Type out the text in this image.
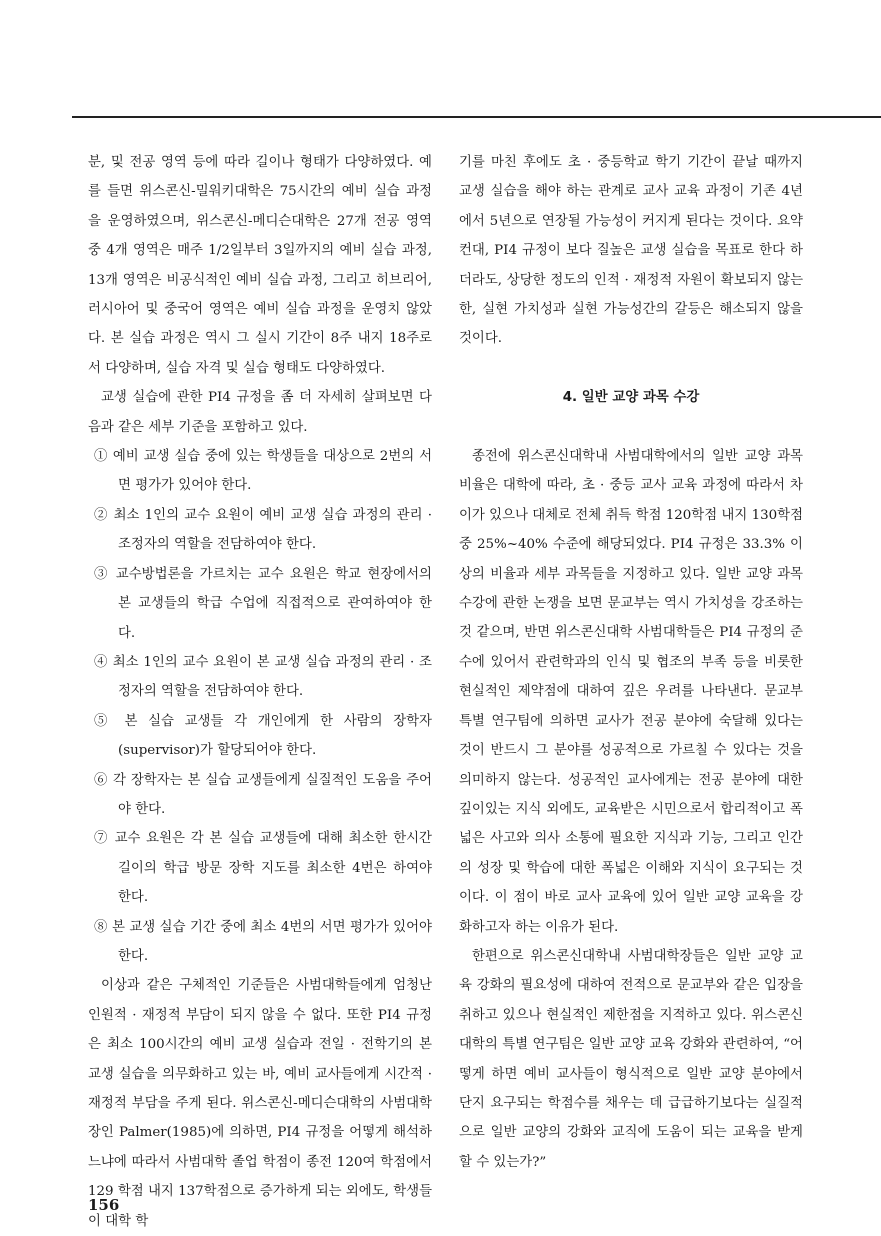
분, 및 전공 영역 등에 따라 길이나 형태가 다양하였다. 예를 들면 위스콘신-밀워키대학은 75시간의 예비 실습 과정을 운영하였으며, 위스콘신-메디슨대학은 27개 전공 영역 중 4개 영역은 매주 1/2일부터 3일까지의 예비 실습 과정, 13개 영역은 비공식적인 예비 실습 과정, 그리고 히브리어, 러시아어 및 중국어 영역은 예비 실습 과정을 운영치 않았다. 본 실습 과정은 역시 그 실시 기간이 8주 내지 18주로서 다양하며, 실습 자격 및 실습 형태도 다양하였다.

교생 실습에 관한 PI4 규정을 좀 더 자세히 살펴보면 다음과 같은 세부 기준을 포함하고 있다.

① 예비 교생 실습 중에 있는 학생들을 대상으로 2번의 서면 평가가 있어야 한다.

② 최소 1인의 교수 요원이 예비 교생 실습 과정의 관리 · 조정자의 역할을 전담하여야 한다.

③ 교수방법론을 가르치는 교수 요원은 학교 현장에서의 본 교생들의 학급 수업에 직접적으로 관여하여야 한다.

④ 최소 1인의 교수 요원이 본 교생 실습 과정의 관리 · 조정자의 역할을 전담하여야 한다.

⑤ 본 실습 교생들 각 개인에게 한 사람의 장학자(supervisor)가 할당되어야 한다.

⑥ 각 장학자는 본 실습 교생들에게 실질적인 도움을 주어야 한다.

⑦ 교수 요원은 각 본 실습 교생들에 대해 최소한 한시간 길이의 학급 방문 장학 지도를 최소한 4번은 하여야 한다.

⑧ 본 교생 실습 기간 중에 최소 4번의 서면 평가가 있어야 한다.

이상과 같은 구체적인 기준들은 사범대학들에게 엄청난 인원적 · 재정적 부담이 되지 않을 수 없다. 또한 PI4 규정은 최소 100시간의 예비 교생 실습과 전일 · 전학기의 본 교생 실습을 의무화하고 있는 바, 예비 교사들에게 시간적 · 재정적 부담을 주게 된다. 위스콘신-메디슨대학의 사범대학장인 Palmer(1985)에 의하면, PI4 규정을 어떻게 해석하느냐에 따라서 사범대학 졸업 학점이 종전 120여 학점에서 129 학점 내지 137학점으로 증가하게 되는 외에도, 학생들이 대학 학

기를 마친 후에도 초 · 중등학교 학기 기간이 끝날 때까지 교생 실습을 해야 하는 관계로 교사 교육 과정이 기존 4년에서 5년으로 연장될 가능성이 커지게 된다는 것이다. 요약컨대, PI4 규정이 보다 질높은 교생 실습을 목표로 한다 하더라도, 상당한 정도의 인적 · 재정적 자원이 확보되지 않는한, 실현 가치성과 실현 가능성간의 갈등은 해소되지 않을 것이다.

4. 일반 교양 과목 수강

종전에 위스콘신대학내 사범대학에서의 일반 교양 과목 비율은 대학에 따라, 초 · 중등 교사 교육 과정에 따라서 차이가 있으나 대체로 전체 취득 학점 120학점 내지 130학점 중 25%~40% 수준에 해당되었다. PI4 규정은 33.3% 이상의 비율과 세부 과목들을 지정하고 있다. 일반 교양 과목 수강에 관한 논쟁을 보면 문교부는 역시 가치성을 강조하는 것 같으며, 반면 위스콘신대학 사범대학들은 PI4 규정의 준수에 있어서 관련학과의 인식 및 협조의 부족 등을 비롯한 현실적인 제약점에 대하여 깊은 우려를 나타낸다. 문교부 특별 연구팀에 의하면 교사가 전공 분야에 숙달해 있다는 것이 반드시 그 분야를 성공적으로 가르칠 수 있다는 것을 의미하지 않는다. 성공적인 교사에게는 전공 분야에 대한 깊이있는 지식 외에도, 교육받은 시민으로서 합리적이고 폭넓은 사고와 의사 소통에 필요한 지식과 기능, 그리고 인간의 성장 및 학습에 대한 폭넓은 이해와 지식이 요구되는 것이다. 이 점이 바로 교사 교육에 있어 일반 교양 교육을 강화하고자 하는 이유가 된다.

한편으로 위스콘신대학내 사범대학장들은 일반 교양 교육 강화의 필요성에 대하여 전적으로 문교부와 같은 입장을 취하고 있으나 현실적인 제한점을 지적하고 있다. 위스콘신대학의 특별 연구팀은 일반 교양 교육 강화와 관련하여, “어떻게 하면 예비 교사들이 형식적으로 일반 교양 분야에서 단지 요구되는 학점수를 채우는 데 급급하기보다는 실질적으로 일반 교양의 강화와 교직에 도움이 되는 교육을 받게 할 수 있는가?”

156
